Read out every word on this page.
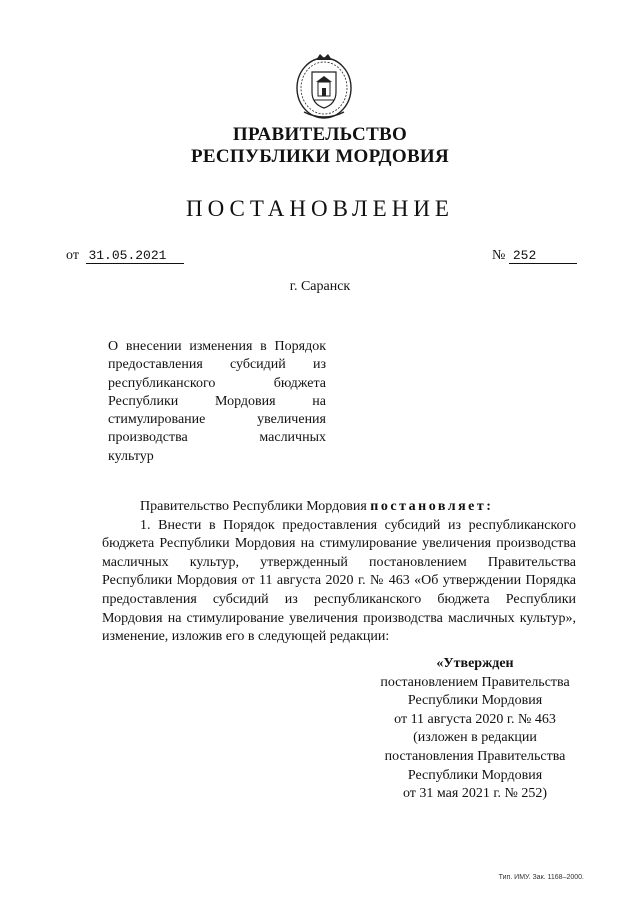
ПРАВИТЕЛЬСТВО
РЕСПУБЛИКИ МОРДОВИЯ
ПОСТАНОВЛЕНИЕ
от 31.05.2021	№ 252
г. Саранск
О внесении изменения в Порядок
предоставления субсидий из
республиканского бюджета
Республики Мордовия на
стимулирование увеличения
производства масличных
культур

Правительство Республики Мордовия постановляет:

1. Внести в Порядок предоставления субсидий из республиканского
бюджета Республики Мордовия на стимулирование увеличения производства
масличных культур, утвержденный постановлением Правительства
Республики Мордовия от 11 августа 2020 г. № 463 «Об утверждении Порядка
предоставления субсидий из республиканского бюджета Республики
Мордовия на стимулирование увеличения производства масличных культур»,
изменение, изложив его в следующей редакции:
«Утвержден
постановлением Правительства
Республики Мордовия
от 11 августа 2020 г. № 463
(изложен в редакции
постановления Правительства
Республики Мордовия
от 31 мая 2021 г. № 252)
Тип. ИМУ. Зак. 1168–2000.
